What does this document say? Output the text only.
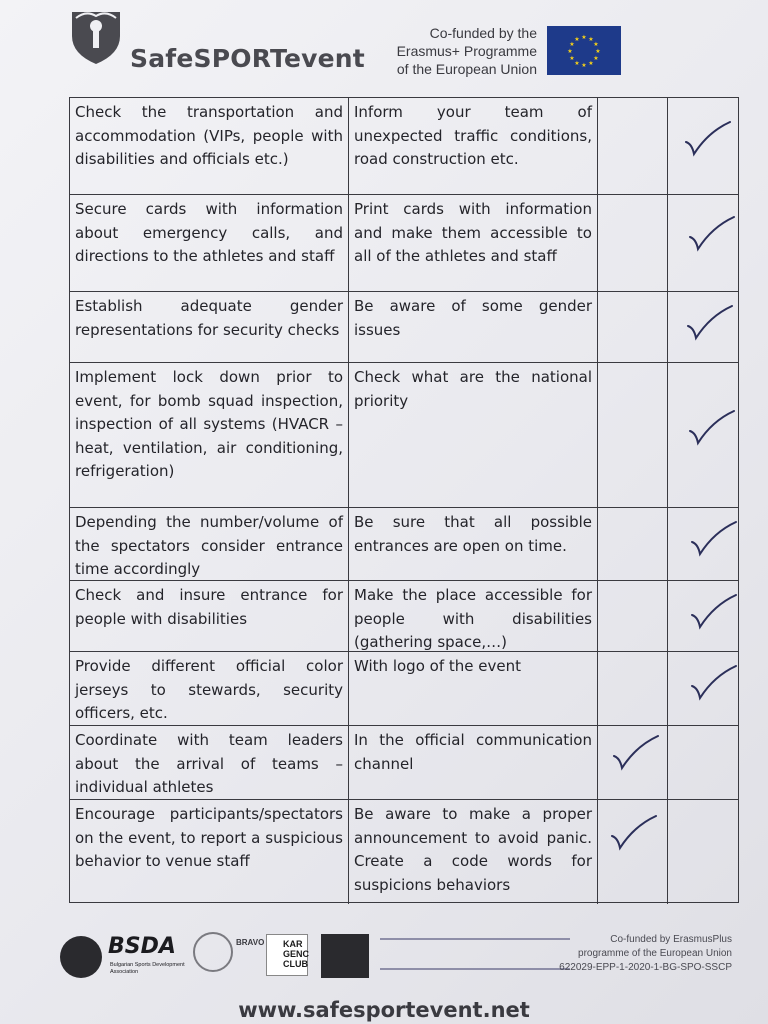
SafeSPORTevent
Co-funded by the
Erasmus+ Programme
of the European Union
★ ★
★
★
★
★
★
★
★
★
★
★
Check the transportation and accommodation (VIPs, people with disabilities and officials etc.)
Inform your team of unexpected traffic conditions, road construction etc.
Secure cards with information about emergency calls, and directions to the athletes and staff
Print cards with information and make them accessible to all of the athletes and staff
Establish adequate gender representations for security checks
Be aware of some gender issues
Implement lock down prior to event, for bomb squad inspection, inspection of all systems (HVACR – heat, ventilation, air conditioning, refrigeration)
Check what are the national priority
Depending the number/volume of the spectators consider entrance time accordingly
Be sure that all possible entrances are open on time.
Check and insure entrance for people with disabilities
Make the place accessible for people with disabilities (gathering space,…)
Provide different official color jerseys to stewards, security officers, etc.
With logo of the event
Coordinate with team leaders about the arrival of teams – individual athletes
In the official communication channel
Encourage participants/spectators on the event, to report a suspicious behavior to venue staff
Be aware to make a proper announcement to avoid panic. Create a code words for suspicions behaviors
BSDA
Bulgarian Sports Development Association
BRAVO KAR GENC CLUB
Co-funded by ErasmusPlus
programme of the European Union
622029-EPP-1-2020-1-BG-SPO-SSCP
www.safesportevent.net
